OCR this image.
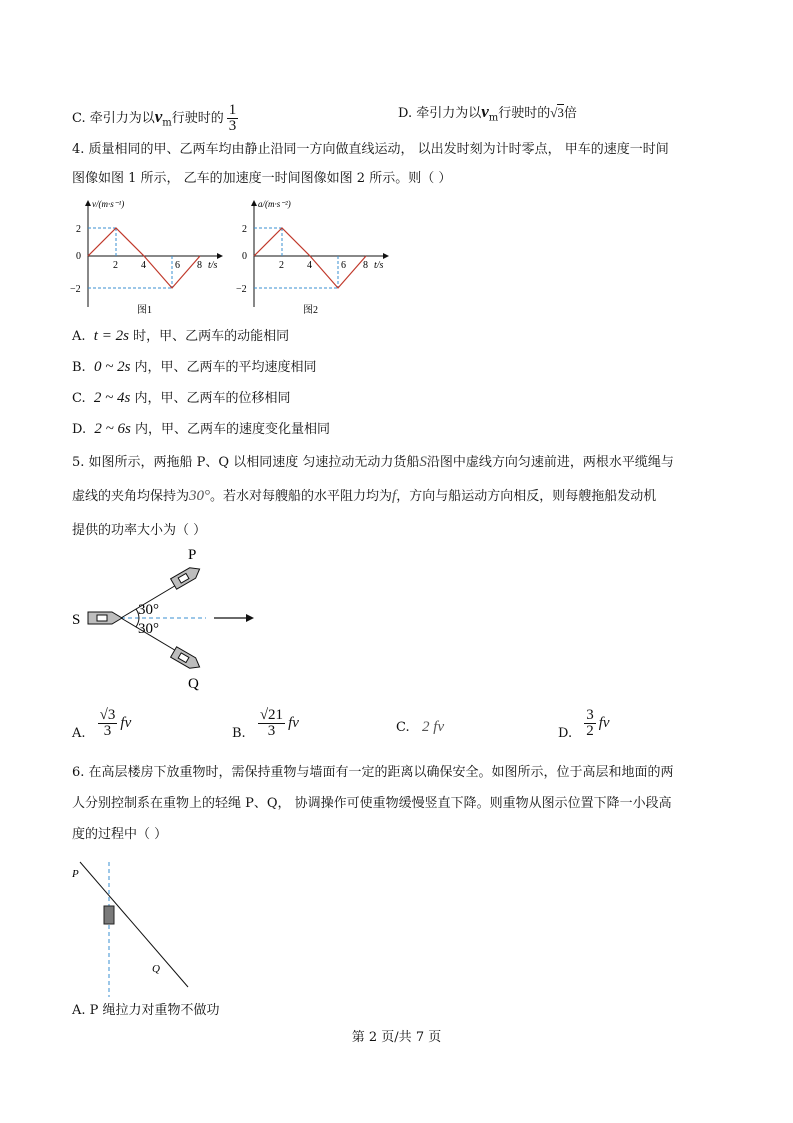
C. 牵引力为以$v_m$行驶时的 $\frac{1}{3}$	D. 牵引力为以$v_m$行驶时的√3倍
4. 质量相同的甲、乙两车均由静止沿同一方向做直线运动， 以出发时刻为计时零点， 甲车的速度一时间
图像如图 1 所示， 乙车的加速度一时间图像如图 2 所示。则（ ）
v/(m·s⁻¹)
2
0
−2
2 4	6 8 t/s
图1
a/(m·s⁻²)
2
0
−2
2 4	6 8 t/s
图2
A. t = 2s 时，甲、乙两车的动能相同
B. 0 ~ 2s 内，甲、乙两车的平均速度相同
C. 2 ~ 4s 内，甲、乙两车的位移相同
D. 2 ~ 6s 内，甲、乙两车的速度变化量相同
5. 如图所示，两拖船 P、Q 以相同速度 匀速拉动无动力货船S沿图中虚线方向匀速前进，两根水平缆绳与
虚线的夹角均保持为30°。若水对每艘船的水平阻力均为f，方向与船运动方向相反，则每艘拖船发动机
提供的功率大小为（ ）
P
Q
S
30°
30°
A. $\frac{√3}{3}$ fv
B. $\frac{√21}{3}$ fv	C. 2 fv	D. $\frac{3}{2}$ fv
6. 在高层楼房下放重物时，需保持重物与墙面有一定的距离以确保安全。如图所示，位于高层和地面的两
人分别控制系在重物上的轻绳 P、Q， 协调操作可使重物缓慢竖直下降。则重物从图示位置下降一小段高
度的过程中（ ）
P
Q
A. P 绳拉力对重物不做功
第 2 页/共 7 页
